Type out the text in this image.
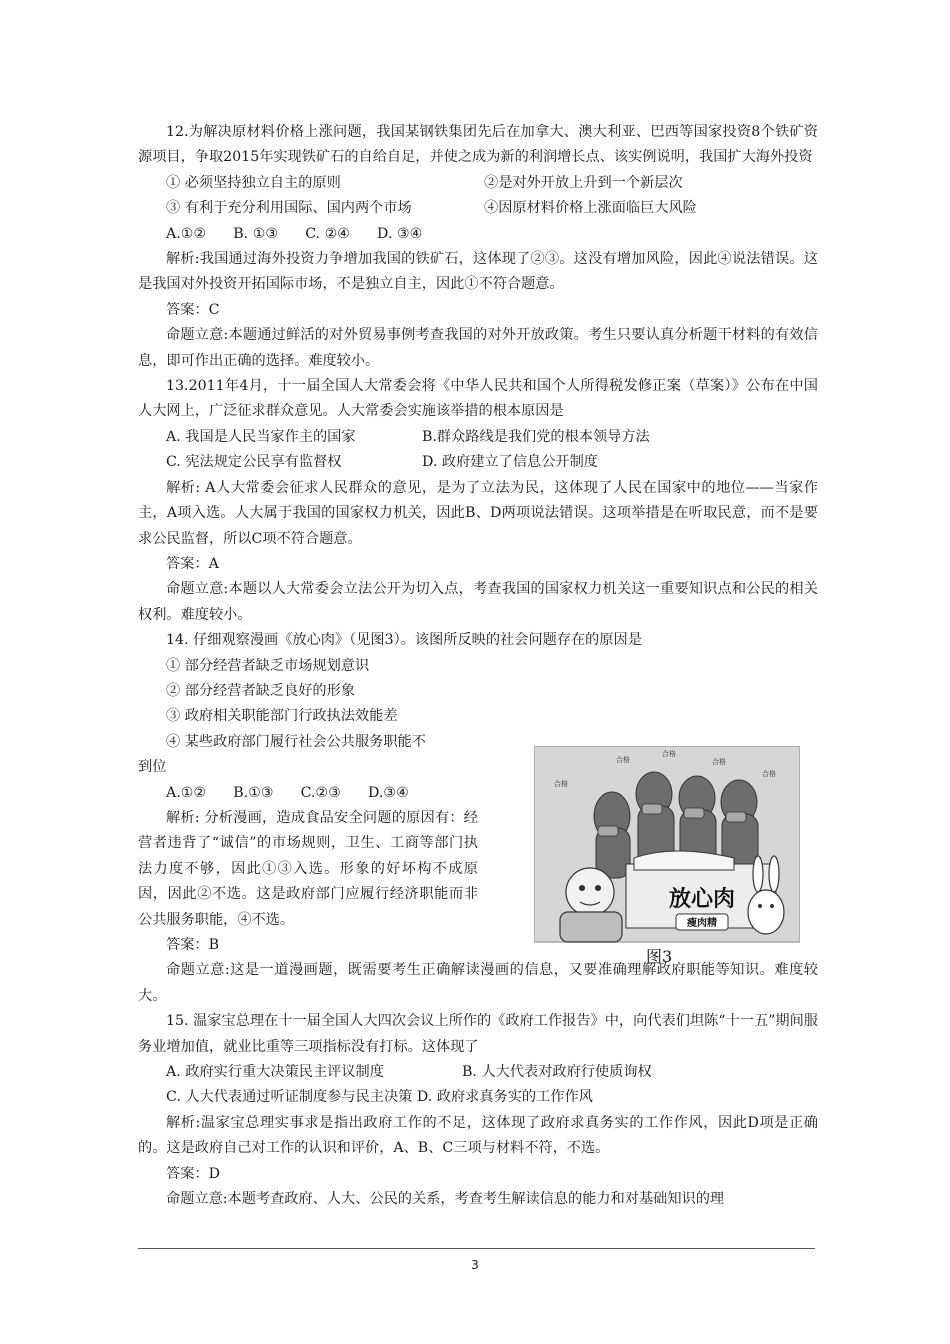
12.为解决原材料价格上涨问题，我国某钢铁集团先后在加拿大、澳大利亚、巴西等国家投资8个铁矿资源项目，争取2015年实现铁矿石的自给自足，并使之成为新的利润增长点、该实例说明，我国扩大海外投资

① 必须坚持独立自主的原则	②是对外开放上升到一个新层次
③ 有利于充分利用国际、国内两个市场	④因原材料价格上涨面临巨大风险

A.①②      B. ①③      C. ②④      D. ③④

解析:我国通过海外投资力争增加我国的铁矿石，这体现了②③。这没有增加风险，因此④说法错误。这是我国对外投资开拓国际市场，不是独立自主，因此①不符合题意。

答案：C

命题立意:本题通过鲜活的对外贸易事例考查我国的对外开放政策。考生只要认真分析题干材料的有效信息，即可作出正确的选择。难度较小。

13.2011年4月，十一届全国人大常委会将《中华人民共和国个人所得税发修正案（草案）》公布在中国人大网上，广泛征求群众意见。人大常委会实施该举措的根本原因是

A. 我国是人民当家作主的国家	B.群众路线是我们党的根本领导方法
C. 宪法规定公民享有监督权	D. 政府建立了信息公开制度

解析: A人大常委会征求人民群众的意见，是为了立法为民，这体现了人民在国家中的地位——当家作主，A项入选。人大属于我国的国家权力机关，因此B、D两项说法错误。这项举措是在听取民意，而不是要求公民监督，所以C项不符合题意。

答案：A

命题立意:本题以人大常委会立法公开为切入点，考查我国的国家权力机关这一重要知识点和公民的相关权利。难度较小。

14. 仔细观察漫画《放心肉》（见图3）。该图所反映的社会问题存在的原因是

① 部分经营者缺乏市场规划意识

② 部分经营者缺乏良好的形象

③ 政府相关职能部门行政执法效能差

④ 某些政府部门履行社会公共服务职能不

到位

A.①②      B.①③      C.②③      D.③④

解析: 分析漫画，造成食品安全问题的原因有：经营者违背了“诚信”的市场规则，卫生、工商等部门执法力度不够，因此①③入选。形象的好坏构不成原因，因此②不选。这是政府部门应履行经济职能而非公共服务职能，④不选。

合格
合格
合格
合格
合格
放心肉
瘦肉精
图3

答案：B

命题立意:这是一道漫画题，既需要考生正确解读漫画的信息，又要准确理解政府职能等知识。难度较大。

15. 温家宝总理在十一届全国人大四次会议上所作的《政府工作报告》中，向代表们坦陈“十一五”期间服务业增加值，就业比重等三项指标没有打标。这体现了

A. 政府实行重大决策民主评议制度	B. 人大代表对政府行使质询权
C. 人大代表通过听证制度参与民主决策 D. 政府求真务实的工作作风

解析:温家宝总理实事求是指出政府工作的不足，这体现了政府求真务实的工作作风，因此D项是正确的。这是政府自己对工作的认识和评价，A、B、C三项与材料不符，不选。

答案：D

命题立意:本题考查政府、人大、公民的关系，考查考生解读信息的能力和对基础知识的理

3
